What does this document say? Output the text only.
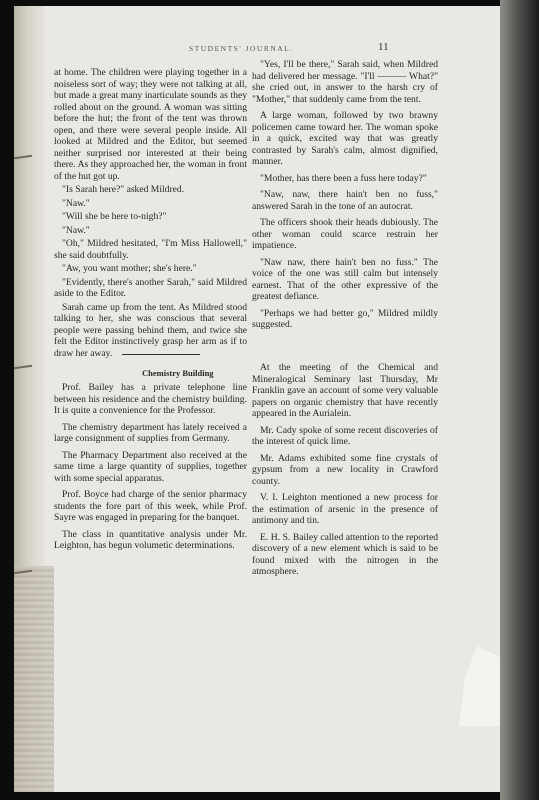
STUDENTS' JOURNAL.	11

at home. The children were playing together in a noiseless sort of way; they were not talking at all, but made a great many inarticulate sounds as they rolled about on the ground. A woman was sitting before the hut; the front of the tent was thrown open, and there were several people inside. All looked at Mildred and the Editor, but seemed neither surprised nor interested at their being there. As they approached her, the woman in front of the hut got up.

"Is Sarah here?" asked Mildred.

"Naw."

"Will she be here to-nigh?"

"Naw."

"Oh," Mildred hesitated, "I'm Miss Hallowell," she said doubtfully.

"Aw, you want mother; she's here."

"Evidently, there's another Sarah," said Mildred aside to the Editor.

Sarah came up from the tent. As Mildred stood talking to her, she was conscious that several people were passing behind them, and twice she felt the Editor instinctively grasp her arm as if to draw her away.

"Yes, I'll be there," Sarah said, when Mildred had delivered her message. "I'll ——— What?" she cried out, in answer to the harsh cry of "Mother," that suddenly came from the tent.

A large woman, followed by two brawny policemen came toward her. The woman spoke in a quick, excited way that was greatly contrasted by Sarah's calm, almost dignified, manner.

"Mother, has there been a fuss here today?"

"Naw, naw, there hain't ben no fuss," answered Sarah in the tone of an autocrat.

The officers shook their heads dubiously. The other woman could scarce restrain her impatience.

"Naw naw, there hain't ben no fuss." The voice of the one was still calm but intensely earnest. That of the other expressive of the greatest defiance.

"Perhaps we had better go," Mildred mildly suggested.

Chemistry Building

Prof. Bailey has a private telephone line between his residence and the chemistry building. It is quite a convenience for the Professor.

The chemistry department has lately received a large consignment of supplies from Germany.

The Pharmacy Department also received at the same time a large quantity of supplies, together with some special apparatus.

Prof. Boyce had charge of the senior pharmacy students the fore part of this week, while Prof. Sayre was engaged in preparing for the banquet.

The class in quantitative analysis under Mr. Leighton, has begun volumetic determinations.

At the meeting of the Chemical and Mineralogical Seminary last Thursday, Mr Franklin gave an account of some very valuable papers on organic chemistry that have recently appeared in the Aurialein.

Mr. Cady spoke of some recent discoveries of the interest of quick lime.

Mr. Adams exhibited some fine crystals of gypsum from a new locality in Crawford county.

V. I. Leighton mentioned a new process for the estimation of arsenic in the presence of antimony and tin.

E. H. S. Bailey called attention to the reported discovery of a new element which is said to be found mixed with the nitrogen in the atmosphere.
